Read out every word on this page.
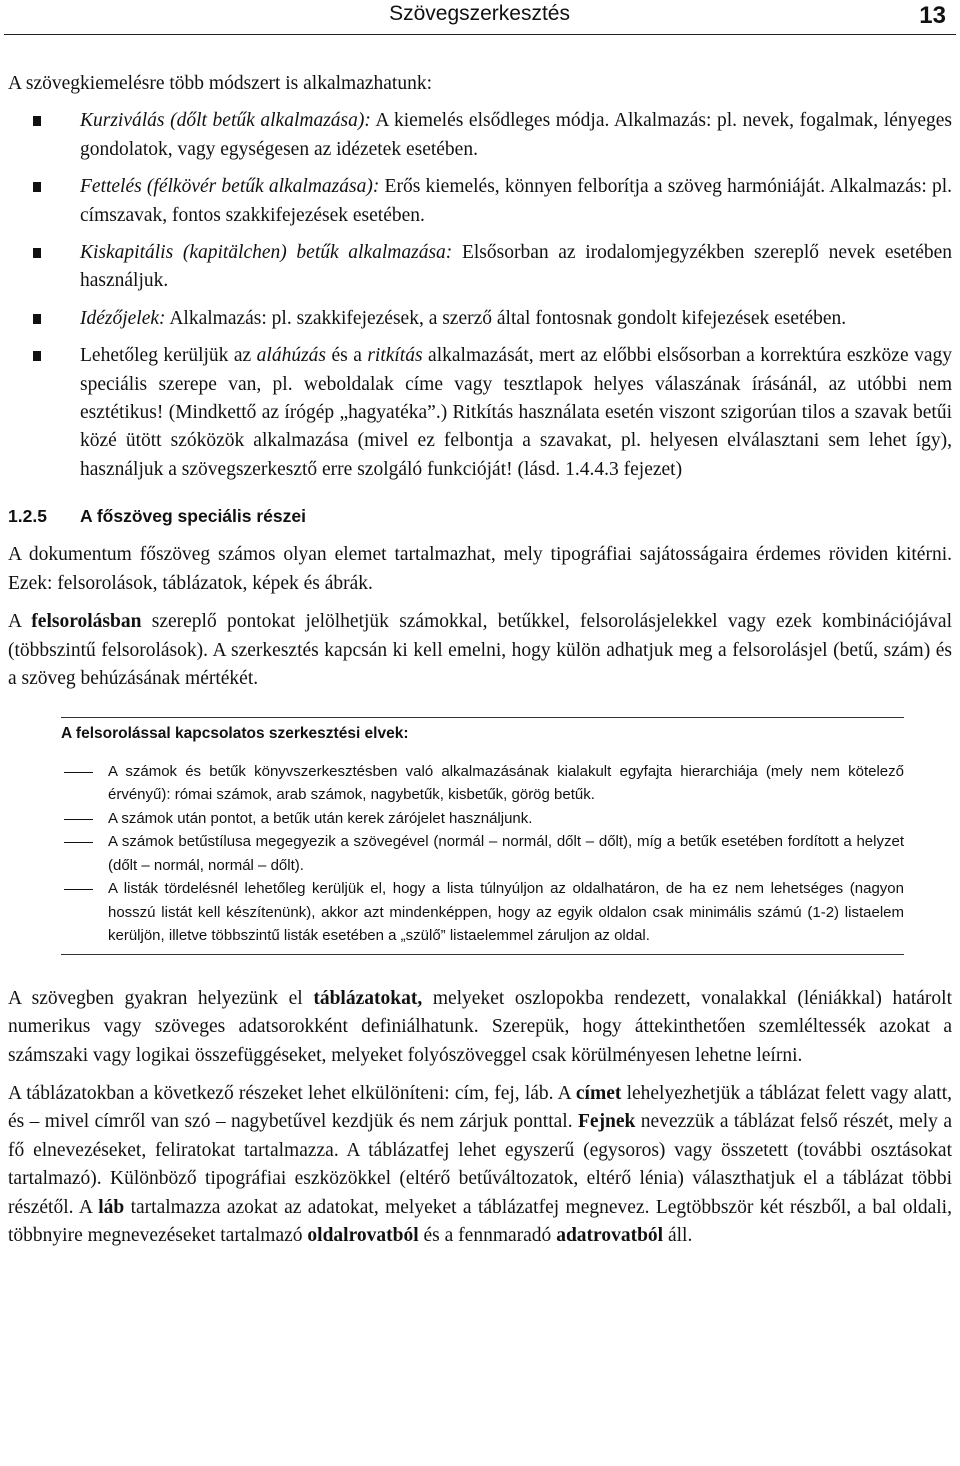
Szövegszerkesztés	13

A szövegkiemelésre több módszert is alkalmazhatunk:

Kurziválás (dőlt betűk alkalmazása): A kiemelés elsődleges módja. Alkalmazás: pl. nevek, fogalmak, lényeges gondolatok, vagy egységesen az idézetek esetében.
Fettelés (félkövér betűk alkalmazása): Erős kiemelés, könnyen felborítja a szöveg harmóniáját. Alkalmazás: pl. címszavak, fontos szakkifejezések esetében.
Kiskapitális (kapitälchen) betűk alkalmazása: Elsősorban az irodalomjegyzékben szereplő nevek esetében használjuk.
Idézőjelek: Alkalmazás: pl. szakkifejezések, a szerző által fontosnak gondolt kifejezések esetében.
Lehetőleg kerüljük az aláhúzás és a ritkítás alkalmazását, mert az előbbi elsősorban a korrektúra eszköze vagy speciális szerepe van, pl. weboldalak címe vagy tesztlapok helyes válaszának írásánál, az utóbbi nem esztétikus! (Mindkettő az írógép „hagyatéka”.) Ritkítás használata esetén viszont szigorúan tilos a szavak betűi közé ütött szóközök alkalmazása (mivel ez felbontja a szavakat, pl. helyesen elválasztani sem lehet így), használjuk a szövegszerkesztő erre szolgáló funkcióját! (lásd. 1.4.4.3 fejezet)
1.2.5	A főszöveg speciális részei

A dokumentum főszöveg számos olyan elemet tartalmazhat, mely tipográfiai sajátosságaira érdemes röviden kitérni. Ezek: felsorolások, táblázatok, képek és ábrák.

A felsorolásban szereplő pontokat jelölhetjük számokkal, betűkkel, felsorolásjelekkel vagy ezek kombinációjával (többszintű felsorolások). A szerkesztés kapcsán ki kell emelni, hogy külön adhatjuk meg a felsorolásjel (betű, szám) és a szöveg behúzásának mértékét.

A felsorolással kapcsolatos szerkesztési elvek:
A számok és betűk könyvszerkesztésben való alkalmazásának kialakult egyfajta hierarchiája (mely nem kötelező érvényű): római számok, arab számok, nagybetűk, kisbetűk, görög betűk.
A számok után pontot, a betűk után kerek zárójelet használjunk.
A számok betűstílusa megegyezik a szövegével (normál – normál, dőlt – dőlt), míg a betűk esetében fordított a helyzet (dőlt – normál, normál – dőlt).
A listák tördelésnél lehetőleg kerüljük el, hogy a lista túlnyúljon az oldalhatáron, de ha ez nem lehetséges (nagyon hosszú listát kell készítenünk), akkor azt mindenképpen, hogy az egyik oldalon csak minimális számú (1-2) listaelem kerüljön, illetve többszintű listák esetében a „szülő” listaelemmel záruljon az oldal.

A szövegben gyakran helyezünk el táblázatokat, melyeket oszlopokba rendezett, vonalakkal (léniákkal) határolt numerikus vagy szöveges adatsorokként definiálhatunk. Szerepük, hogy áttekinthetően szemléltessék azokat a számszaki vagy logikai összefüggéseket, melyeket folyószöveggel csak körülményesen lehetne leírni.

A táblázatokban a következő részeket lehet elkülöníteni: cím, fej, láb. A címet lehelyezhetjük a táblázat felett vagy alatt, és – mivel címről van szó – nagybetűvel kezdjük és nem zárjuk ponttal. Fejnek nevezzük a táblázat felső részét, mely a fő elnevezéseket, feliratokat tartalmazza. A táblázatfej lehet egyszerű (egysoros) vagy összetett (további osztásokat tartalmazó). Különböző tipográfiai eszközökkel (eltérő betűváltozatok, eltérő lénia) választhatjuk el a táblázat többi részétől. A láb tartalmazza azokat az adatokat, melyeket a táblázatfej megnevez. Legtöbbször két részből, a bal oldali, többnyire megnevezéseket tartalmazó oldalrovatból és a fennmaradó adatrovatból áll.
